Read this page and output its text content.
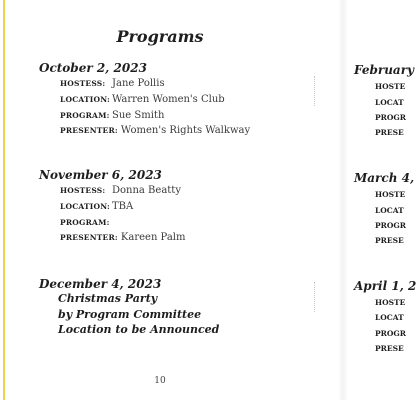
Programs
October 2, 2023
HOSTESS: Jane Pollis
LOCATION: Warren Women's Club
PROGRAM: Sue Smith
PRESENTER: Women's Rights Walkway
November 6, 2023
HOSTESS: Donna Beatty
LOCATION: TBA
PROGRAM:
PRESENTER: Kareen Palm
December 4, 2023
Christmas Party
by Program Committee
Location to be Announced
10
February
HOSTE
LOCAT
PROGR
PRESE
March 4,
HOSTE
LOCAT
PROGR
PRESE
April 1, 2
HOSTE
LOCAT
PROGR
PRESE
